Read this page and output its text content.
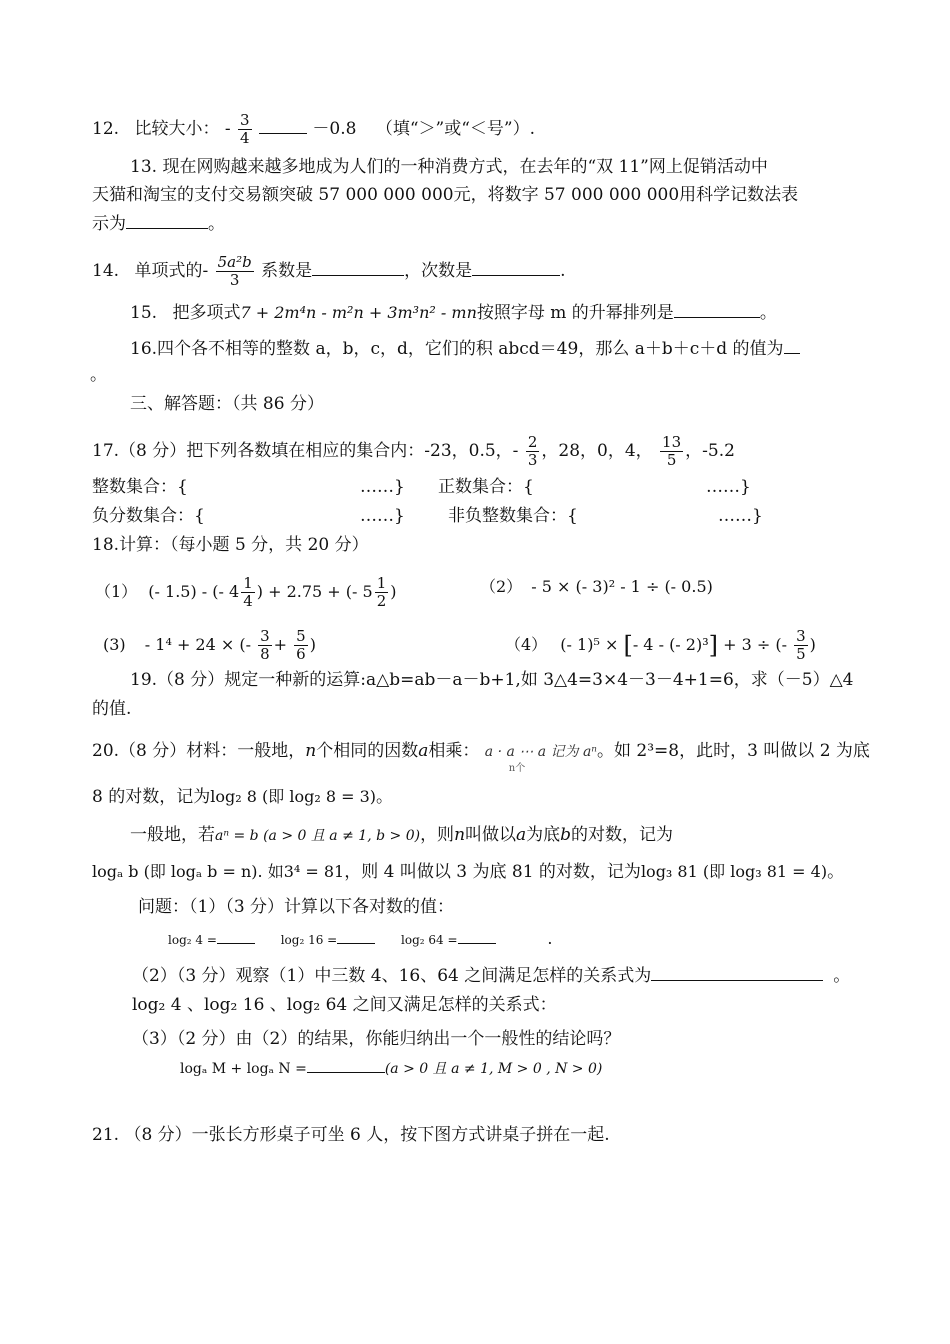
12. 比较大小： - $\frac{3}{4}$	－0.8 （填“＞”或“＜号”）.
13. 现在网购越来越多地成为人们的一种消费方式，在去年的“双 11”网上促销活动中
天猫和淘宝的支付交易额突破 57 000 000 000元，将数字 57 000 000 000用科学记数法表
示为	。
14. 单项式的- $\frac{\text{5a²b}}{3}$ 系数是	，次数是	.
15. 把多项式7 + 2m⁴n - m²n + 3m³n² - mn按照字母 m 的升幂排列是	。
16.四个各不相等的整数 a，b，c，d，它们的积 abcd＝49，那么 a＋b＋c＋d 的值为
。
三、解答题：（共 86 分）
17.（8 分）把下列各数填在相应的集合内：-23，0.5，- $\frac{2}{3}$ ，28，0，4， $\frac{13}{5}$ ，-5.2
整数集合：{	……} 正数集合：{	……}
负分数集合：{	……}	非负整数集合：{	……}
18.计算：（每小题 5 分，共 20 分）
（1） (- 1.5) - (- $4 \frac{1}{4}$ ) + 2.75 + (- $5 \frac{1}{2}$ )	（2） - 5 × (- 3)² - 1 ÷ (- 0.5)
(3) - 1⁴ + 24 × (- $\frac{3}{8} + \frac{5}{6}$ )	（4） (- 1)⁵ × [- 4 - (- 2)³] + 3 ÷ (- $\frac{3}{5}$ )
19.（8 分）规定一种新的运算:a△b=ab－a－b+1,如 3△4=3×4－3－4+1=6，求（－5）△4
的值.
20.（8 分）材料：一般地，n个相同的因数a相乘： a · a ⋯ a 记为 aⁿ
n个
。如 2³=8，此时，3 叫做以 2 为底
8 的对数，记为log₂ 8 (即 log₂ 8 = 3)。
一般地，若aⁿ = b (a > 0 且 a ≠ 1, b > 0)，则n叫做以a为底b的对数，记为
logₐ b (即 logₐ b = n). 如3⁴ = 81，则 4 叫做以 3 为底 81 的对数，记为log₃ 81 (即 log₃ 81 = 4)。
问题：（1）（3 分）计算以下各对数的值：
log₂ 4 =	log₂ 16 =	log₂ 64 =	.
（2）（3 分）观察（1）中三数 4、16、64 之间满足怎样的关系式为	。
log₂ 4 、log₂ 16 、log₂ 64 之间又满足怎样的关系式：
（3）（2 分）由（2）的结果，你能归纳出一个一般性的结论吗？
logₐ M + logₐ N =	(a > 0 且 a ≠ 1, M > 0 , N > 0)
21. （8 分）一张长方形桌子可坐 6 人，按下图方式讲桌子拼在一起.
